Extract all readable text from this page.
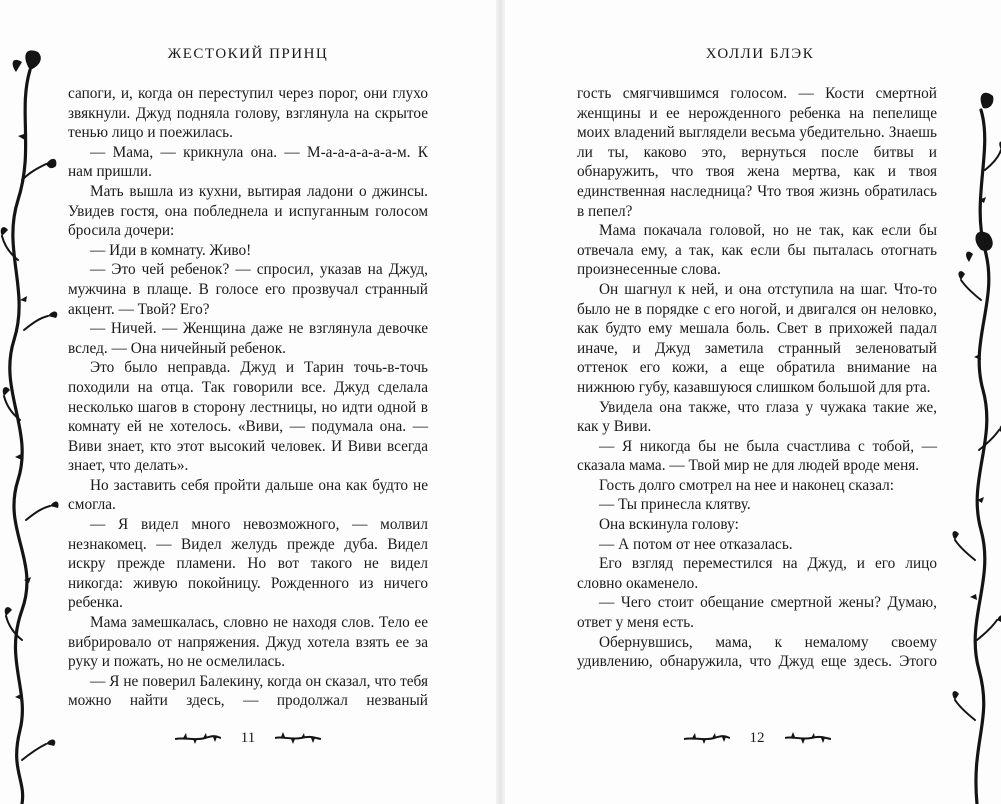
ЖЕСТОКИЙ ПРИНЦ

сапоги, и, когда он переступил через порог, они глухо звякнули. Джуд подняла голову, взглянула на скрытое тенью лицо и поежилась.

— Мама, — крикнула она. — М-а-а-а-а-а-а-м. К нам пришли.

Мать вышла из кухни, вытирая ладони о джинсы. Увидев гостя, она побледнела и испуганным голосом бросила дочери:

— Иди в комнату. Живо!

— Это чей ребенок? — спросил, указав на Джуд, мужчина в плаще. В голосе его прозвучал странный акцент. — Твой? Его?

— Ничей. — Женщина даже не взглянула девочке вслед. — Она ничейный ребенок.

Это было неправда. Джуд и Тарин точь-в-точь походили на отца. Так говорили все. Джуд сделала несколько шагов в сторону лестницы, но идти одной в комнату ей не хотелось. «Виви, — подумала она. — Виви знает, кто этот высокий человек. И Виви всегда знает, что делать».

Но заставить себя пройти дальше она как будто не смогла.

— Я видел много невозможного, — молвил незнакомец. — Видел желудь прежде дуба. Видел искру прежде пламени. Но вот такого не видел никогда: живую покойницу. Рожденного из ничего ребенка.

Мама замешкалась, словно не находя слов. Тело ее вибрировало от напряжения. Джуд хотела взять ее за руку и пожать, но не осмелилась.

— Я не поверил Балекину, когда он сказал, что тебя можно найти здесь, — продолжал незваный

11
ХОЛЛИ БЛЭК

гость смягчившимся голосом. — Кости смертной женщины и ее нерожденного ребенка на пепелище моих владений выглядели весьма убедительно. Знаешь ли ты, каково это, вернуться после битвы и обнаружить, что твоя жена мертва, как и твоя единственная наследница? Что твоя жизнь обратилась в пепел?

Мама покачала головой, но не так, как если бы отвечала ему, а так, как если бы пыталась отогнать произнесенные слова.

Он шагнул к ней, и она отступила на шаг. Что-то было не в порядке с его ногой, и двигался он неловко, как будто ему мешала боль. Свет в прихожей падал иначе, и Джуд заметила странный зеленоватый оттенок его кожи, а еще обратила внимание на нижнюю губу, казавшуюся слишком большой для рта.

Увидела она также, что глаза у чужака такие же, как у Виви.

— Я никогда бы не была счастлива с тобой, — сказала мама. — Твой мир не для людей вроде меня.

Гость долго смотрел на нее и наконец сказал:

— Ты принесла клятву.

Она вскинула голову:

— А потом от нее отказалась.

Его взгляд переместился на Джуд, и его лицо словно окаменело.

— Чего стоит обещание смертной жены? Думаю, ответ у меня есть.

Обернувшись, мама, к немалому своему удивлению, обнаружила, что Джуд еще здесь. Этого

12
